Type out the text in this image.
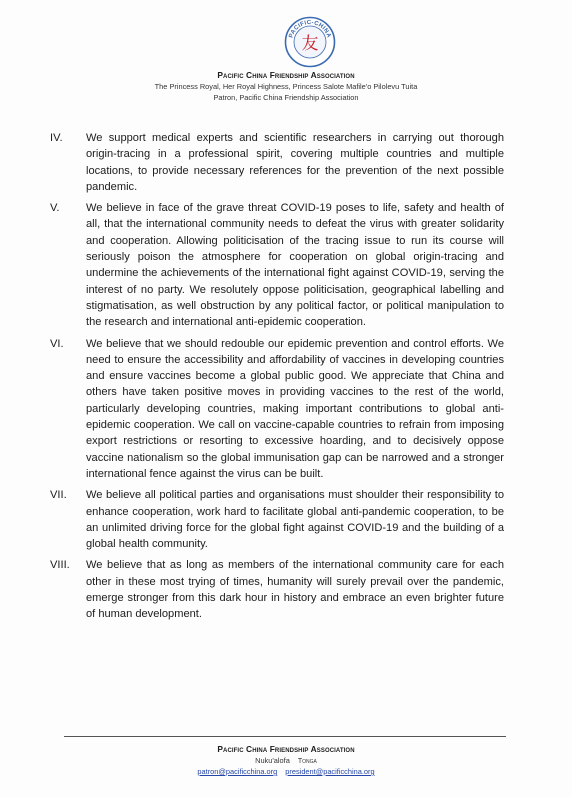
PACIFIC-CHINA
友
Pacific China Friendship Association
The Princess Royal, Her Royal Highness, Princess Salote Mafile'o Pilolevu Tuita
Patron, Pacific China Friendship Association
IV.	We support medical experts and scientific researchers in carrying out thorough origin-tracing in a professional spirit, covering multiple countries and multiple locations, to provide necessary references for the prevention of the next possible pandemic.
V.	We believe in face of the grave threat COVID-19 poses to life, safety and health of all, that the international community needs to defeat the virus with greater solidarity and cooperation. Allowing politicisation of the tracing issue to run its course will seriously poison the atmosphere for cooperation on global origin-tracing and undermine the achievements of the international fight against COVID-19, serving the interest of no party. We resolutely oppose politicisation, geographical labelling and stigmatisation, as well obstruction by any political factor, or political manipulation to the research and international anti-epidemic cooperation.
VI.	We believe that we should redouble our epidemic prevention and control efforts. We need to ensure the accessibility and affordability of vaccines in developing countries and ensure vaccines become a global public good. We appreciate that China and others have taken positive moves in providing vaccines to the rest of the world, particularly developing countries, making important contributions to global anti-epidemic cooperation. We call on vaccine-capable countries to refrain from imposing export restrictions or resorting to excessive hoarding, and to decisively oppose vaccine nationalism so the global immunisation gap can be narrowed and a stronger international fence against the virus can be built.
VII.	We believe all political parties and organisations must shoulder their responsibility to enhance cooperation, work hard to facilitate global anti-pandemic cooperation, to be an unlimited driving force for the global fight against COVID-19 and the building of a global health community.
VIII.	We believe that as long as members of the international community care for each other in these most trying of times, humanity will surely prevail over the pandemic, emerge stronger from this dark hour in history and embrace an even brighter future of human development.
Pacific China Friendship Association
Nuku'alofa Tonga
patron@pacificchina.org president@pacificchina.org
